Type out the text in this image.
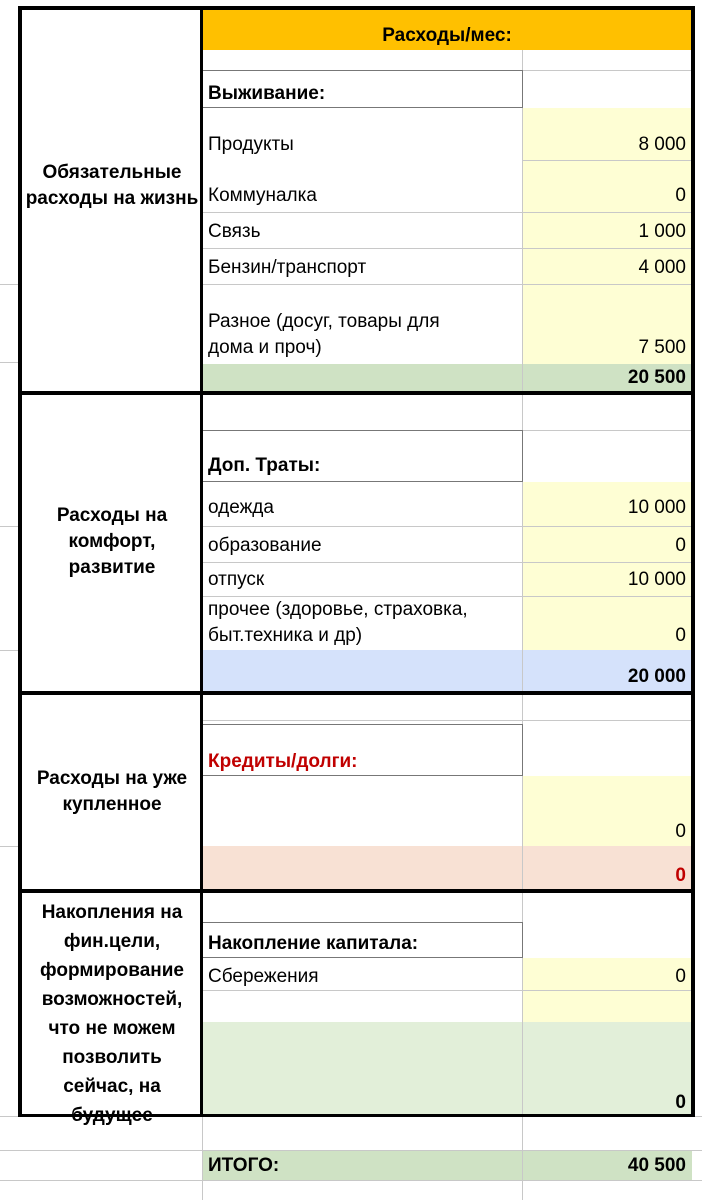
Расходы/мес:
Обязательные расходы на жизнь
Выживание:
Продукты	8 000
Коммуналка	0
Связь	1 000
Бензин/транспорт	4 000
Разное (досуг, товары для
дома и проч)	7 500
20 500
Расходы на комфорт, развитие
Доп. Траты:
одежда	10 000
образование	0
отпуск	10 000
прочее (здоровье, страховка,
быт.техника и др)	0
20 000
Расходы на уже купленное
Кредиты/долги:
0
0
Накопления на фин.цели, формирование возможностей, что не можем позволить сейчас, на будущее
Накопление капитала:
Сбережения	0
0
ИТОГО:	40 500
